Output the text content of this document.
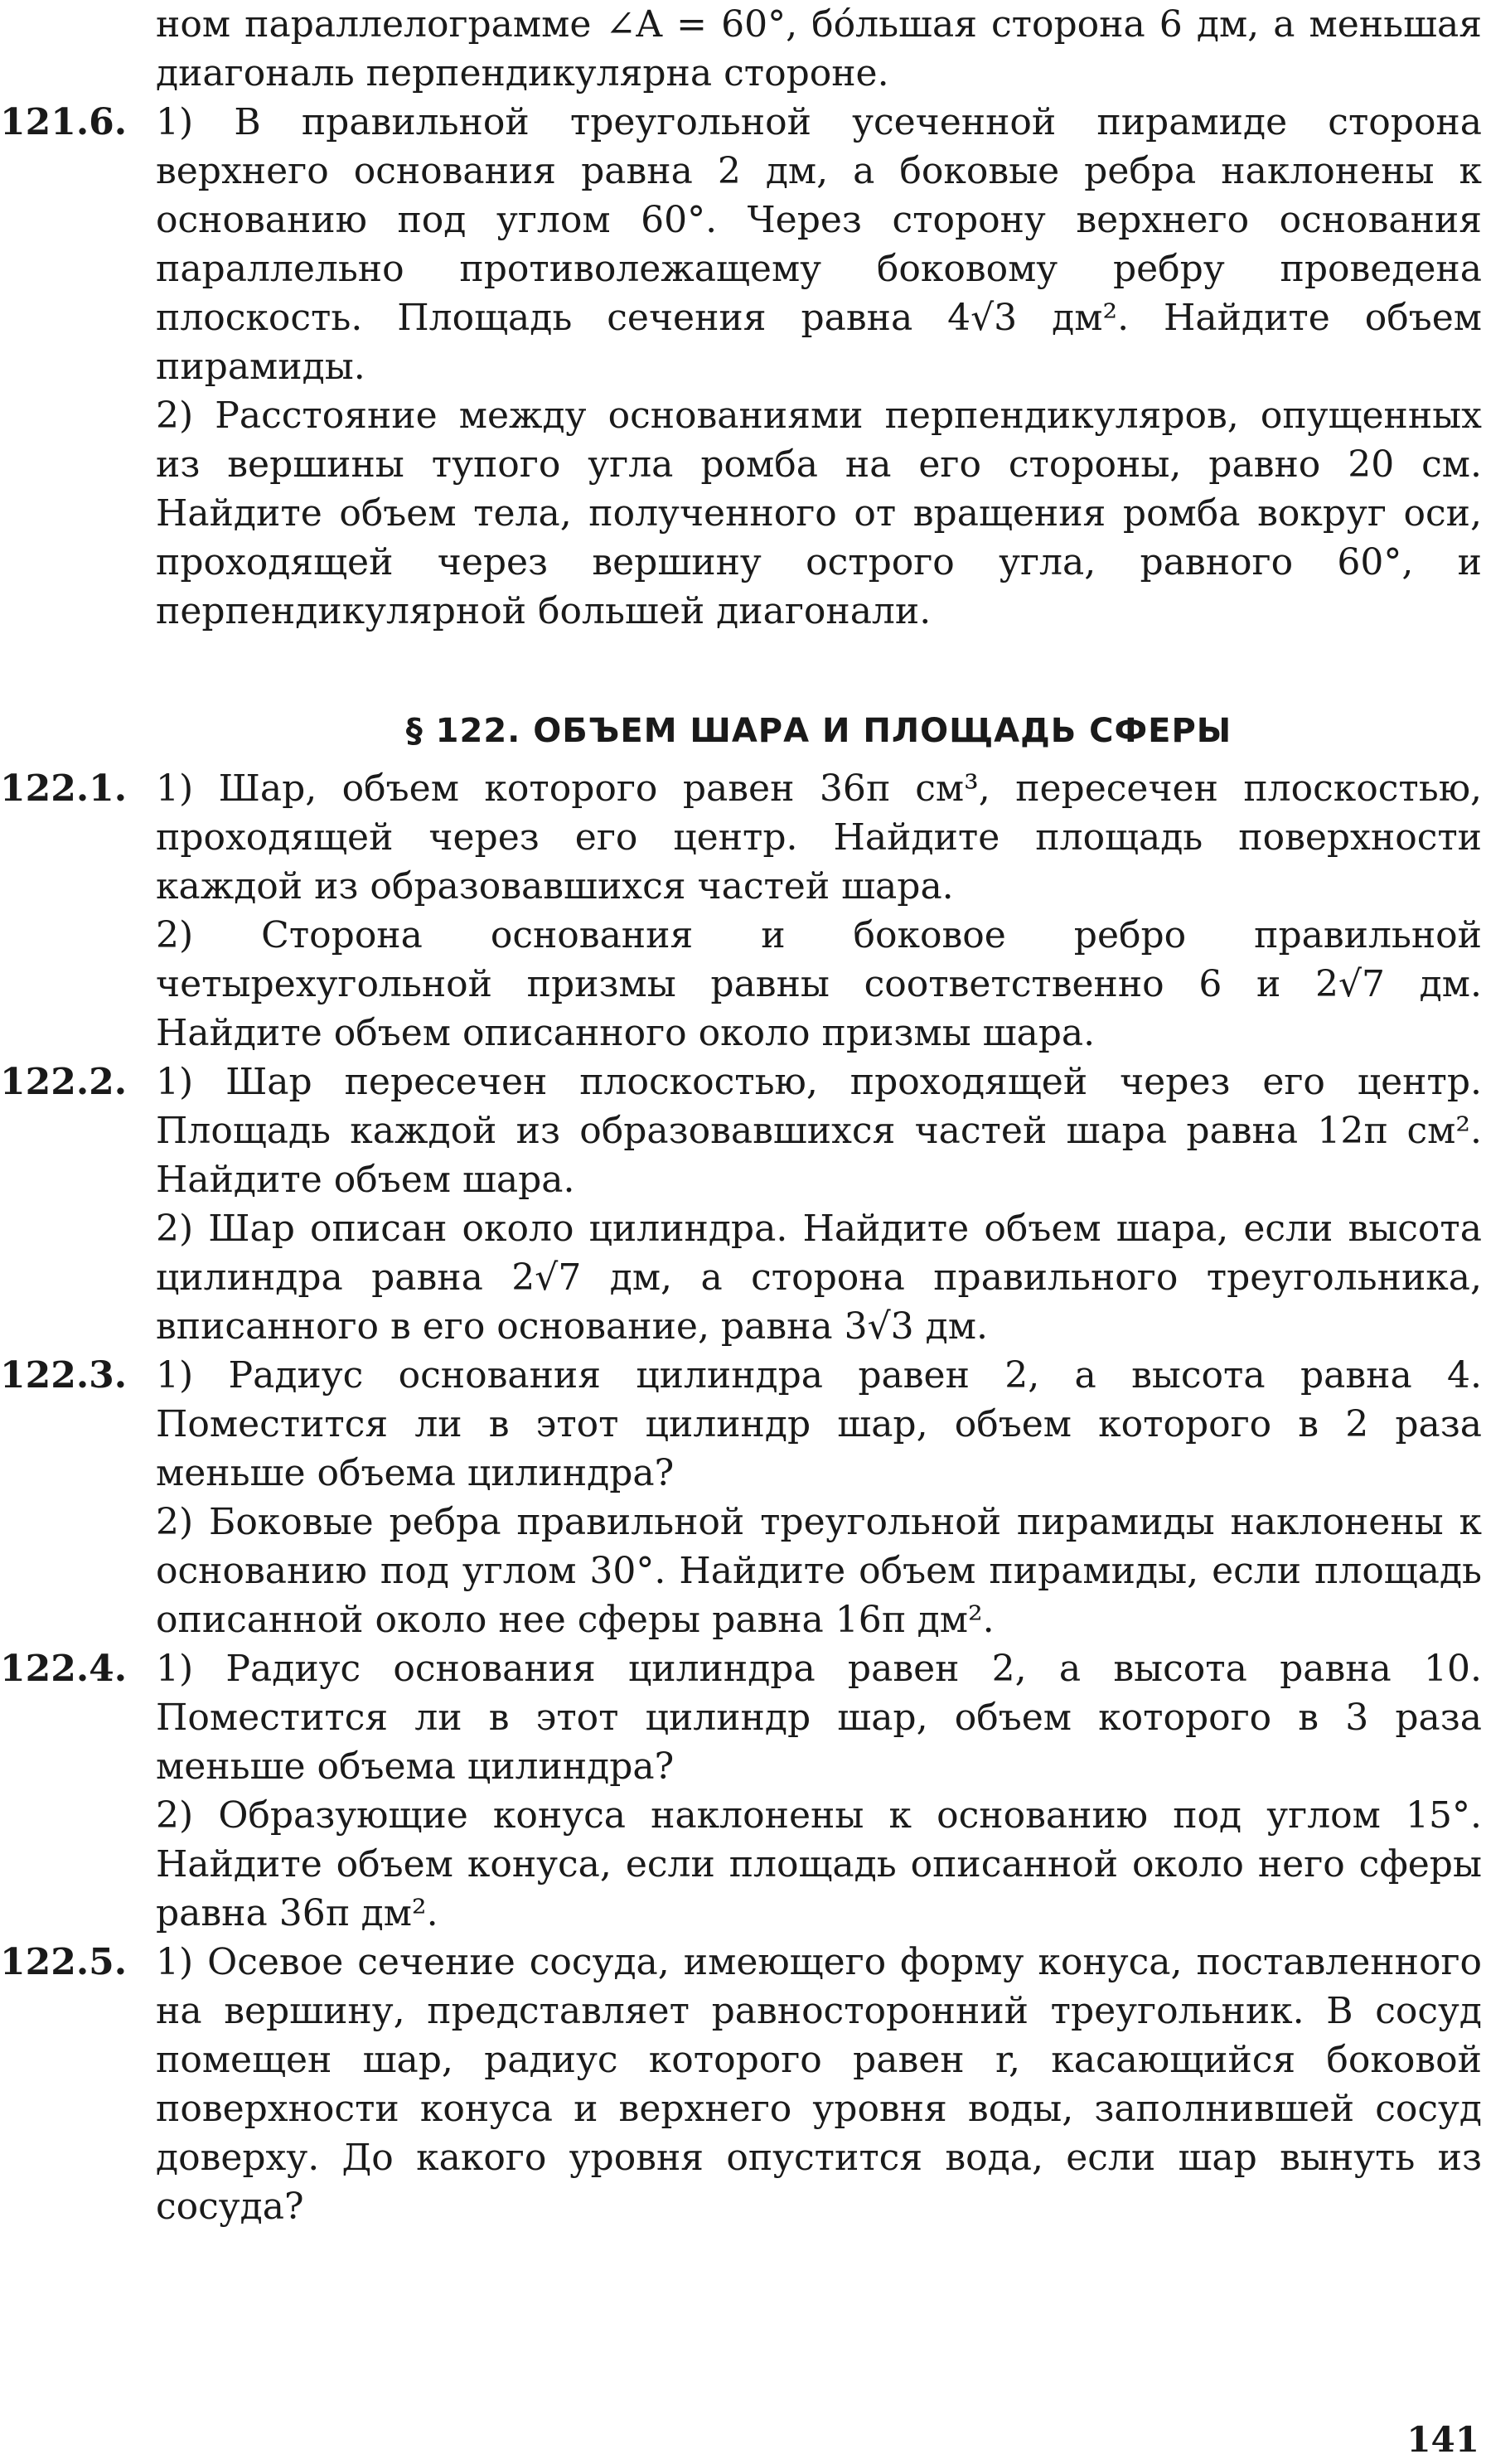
ном параллелограмме ∠A = 60°, бо́льшая сторона 6 дм, а меньшая диагональ перпендикулярна стороне.
121.6. 1) В правильной треугольной усеченной пирамиде сторона верхнего основания равна 2 дм, а боковые ребра наклонены к основанию под углом 60°. Через сторону верхнего основания параллельно противолежащему боковому ребру проведена плоскость. Площадь сечения равна 4√3 дм². Найдите объем пирамиды.
2) Расстояние между основаниями перпендикуляров, опущенных из вершины тупого угла ромба на его стороны, равно 20 см. Найдите объем тела, полученного от вращения ромба вокруг оси, проходящей через вершину острого угла, равного 60°, и перпендикулярной большей диагонали.
§ 122. ОБЪЕМ ШАРА И ПЛОЩАДЬ СФЕРЫ
122.1. 1) Шар, объем которого равен 36π см³, пересечен плоскостью, проходящей через его центр. Найдите площадь поверхности каждой из образовавшихся частей шара.
2) Сторона основания и боковое ребро правильной четырехугольной призмы равны соответственно 6 и 2√7 дм. Найдите объем описанного около призмы шара.
122.2. 1) Шар пересечен плоскостью, проходящей через его центр. Площадь каждой из образовавшихся частей шара равна 12π см². Найдите объем шара.
2) Шар описан около цилиндра. Найдите объем шара, если высота цилиндра равна 2√7 дм, а сторона правильного треугольника, вписанного в его основание, равна 3√3 дм.
122.3. 1) Радиус основания цилиндра равен 2, а высота равна 4. Поместится ли в этот цилиндр шар, объем которого в 2 раза меньше объема цилиндра?
2) Боковые ребра правильной треугольной пирамиды наклонены к основанию под углом 30°. Найдите объем пирамиды, если площадь описанной около нее сферы равна 16π дм².
122.4. 1) Радиус основания цилиндра равен 2, а высота равна 10. Поместится ли в этот цилиндр шар, объем которого в 3 раза меньше объема цилиндра?
2) Образующие конуса наклонены к основанию под углом 15°. Найдите объем конуса, если площадь описанной около него сферы равна 36π дм².
122.5. 1) Осевое сечение сосуда, имеющего форму конуса, поставленного на вершину, представляет равносторонний треугольник. В сосуд помещен шар, радиус которого равен r, касающийся боковой поверхности конуса и верхнего уровня воды, заполнившей сосуд доверху. До какого уровня опустится вода, если шар вынуть из сосуда?
141
